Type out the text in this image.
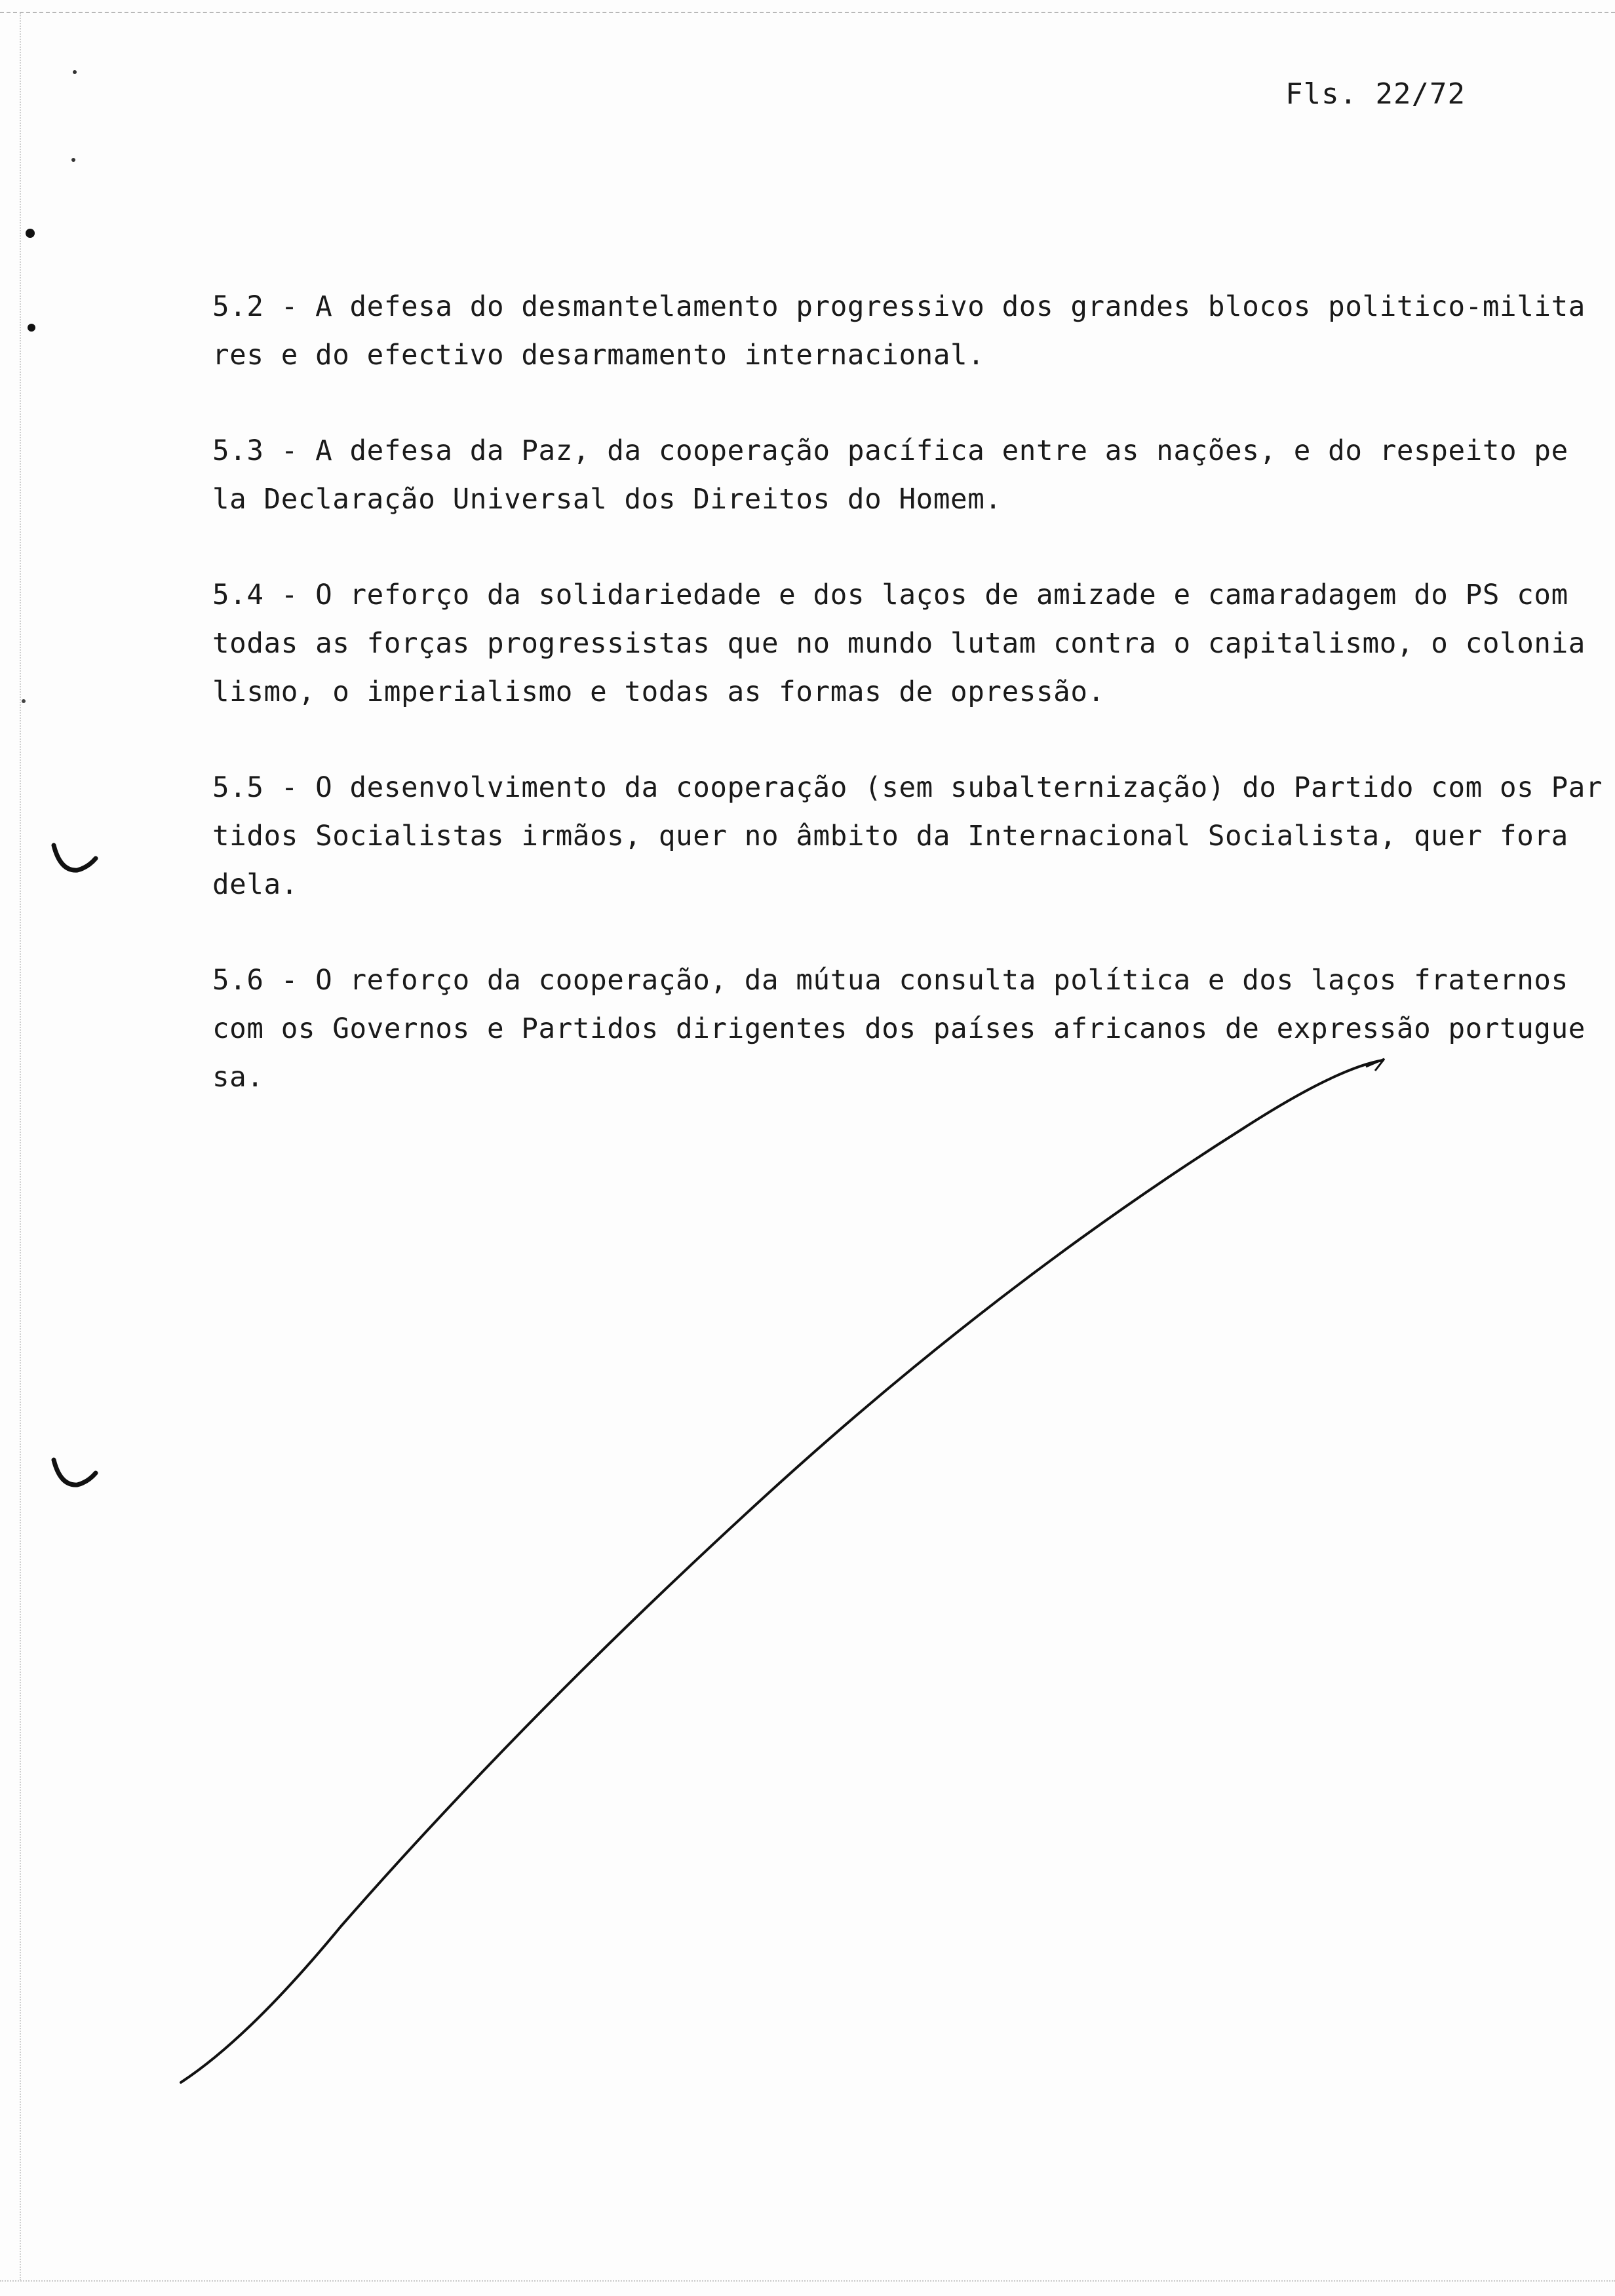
Fls. 22/72

5.2 - A defesa do desmantelamento progressivo dos grandes blocos politico-milita

res e do efectivo desarmamento internacional.

5.3 - A defesa da Paz, da cooperação pacífica entre as nações, e do respeito pe

la Declaração Universal dos Direitos do Homem.

5.4 - O reforço da solidariedade e dos laços de amizade e camaradagem do PS com

todas as forças progressistas que no mundo lutam contra o capitalismo, o colonia

lismo, o imperialismo e todas as formas de opressão.

5.5 - O desenvolvimento da cooperação (sem subalternização) do Partido com os Par

tidos Socialistas irmãos, quer no âmbito da Internacional Socialista, quer fora

dela.

5.6 - O reforço da cooperação, da mútua consulta política e dos laços fraternos

com os Governos e Partidos dirigentes dos países africanos de expressão portugue

sa.
